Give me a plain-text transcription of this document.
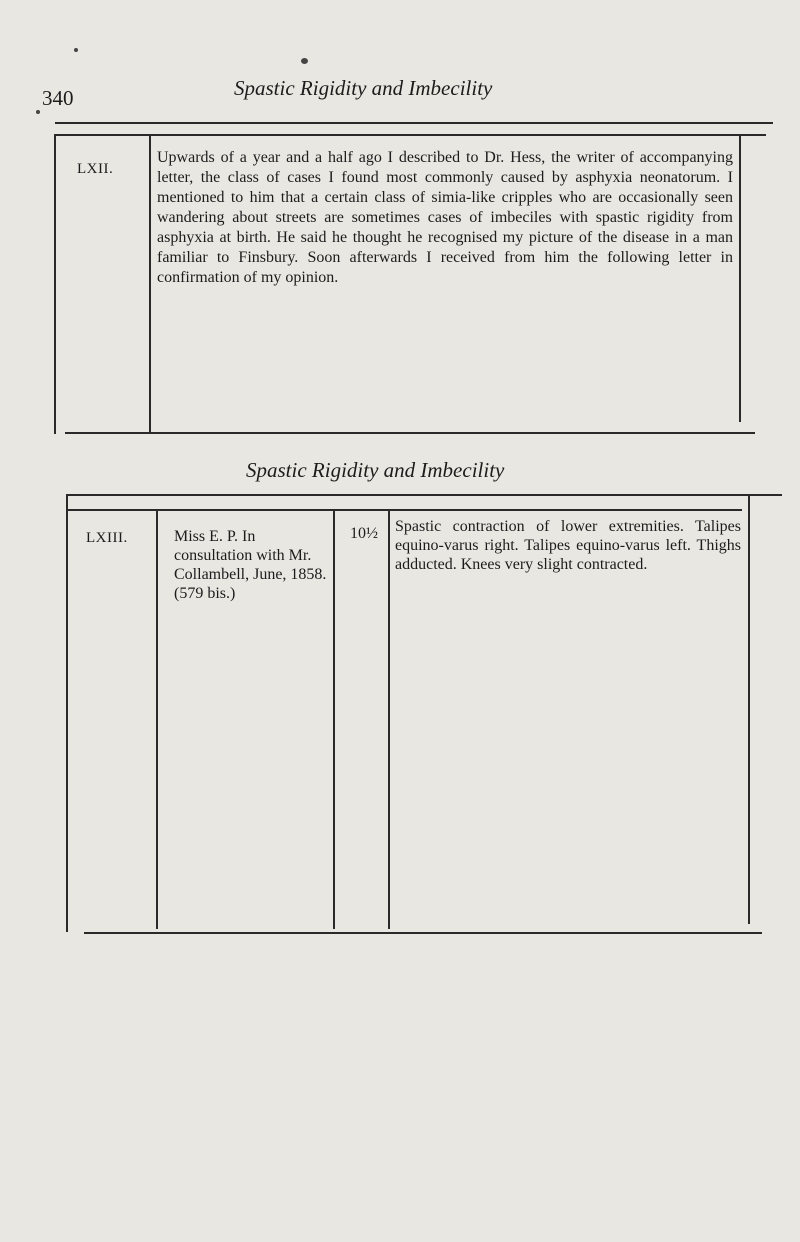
340	Spastic Rigidity and Imbecility
LXII.
Upwards of a year and a half ago I described to Dr. Hess, the writer of accompanying letter, the class of cases I found most commonly caused by asphyxia neonatorum. I mentioned to him that a certain class of simia-like cripples who are occasionally seen wandering about streets are sometimes cases of imbeciles with spastic rigidity from asphyxia at birth. He said he thought he recognised my picture of the disease in a man familiar to Finsbury. Soon afterwards I received from him the following letter in confirmation of my opinion.
Spastic Rigidity and Imbecility
LXIII.	Miss E. P. In consultation with Mr. Collambell, June, 1858. (579 bis.)
10½ Spastic contraction of lower extremities. Talipes equino-varus right. Talipes equino-varus left. Thighs adducted. Knees very slight contracted.
